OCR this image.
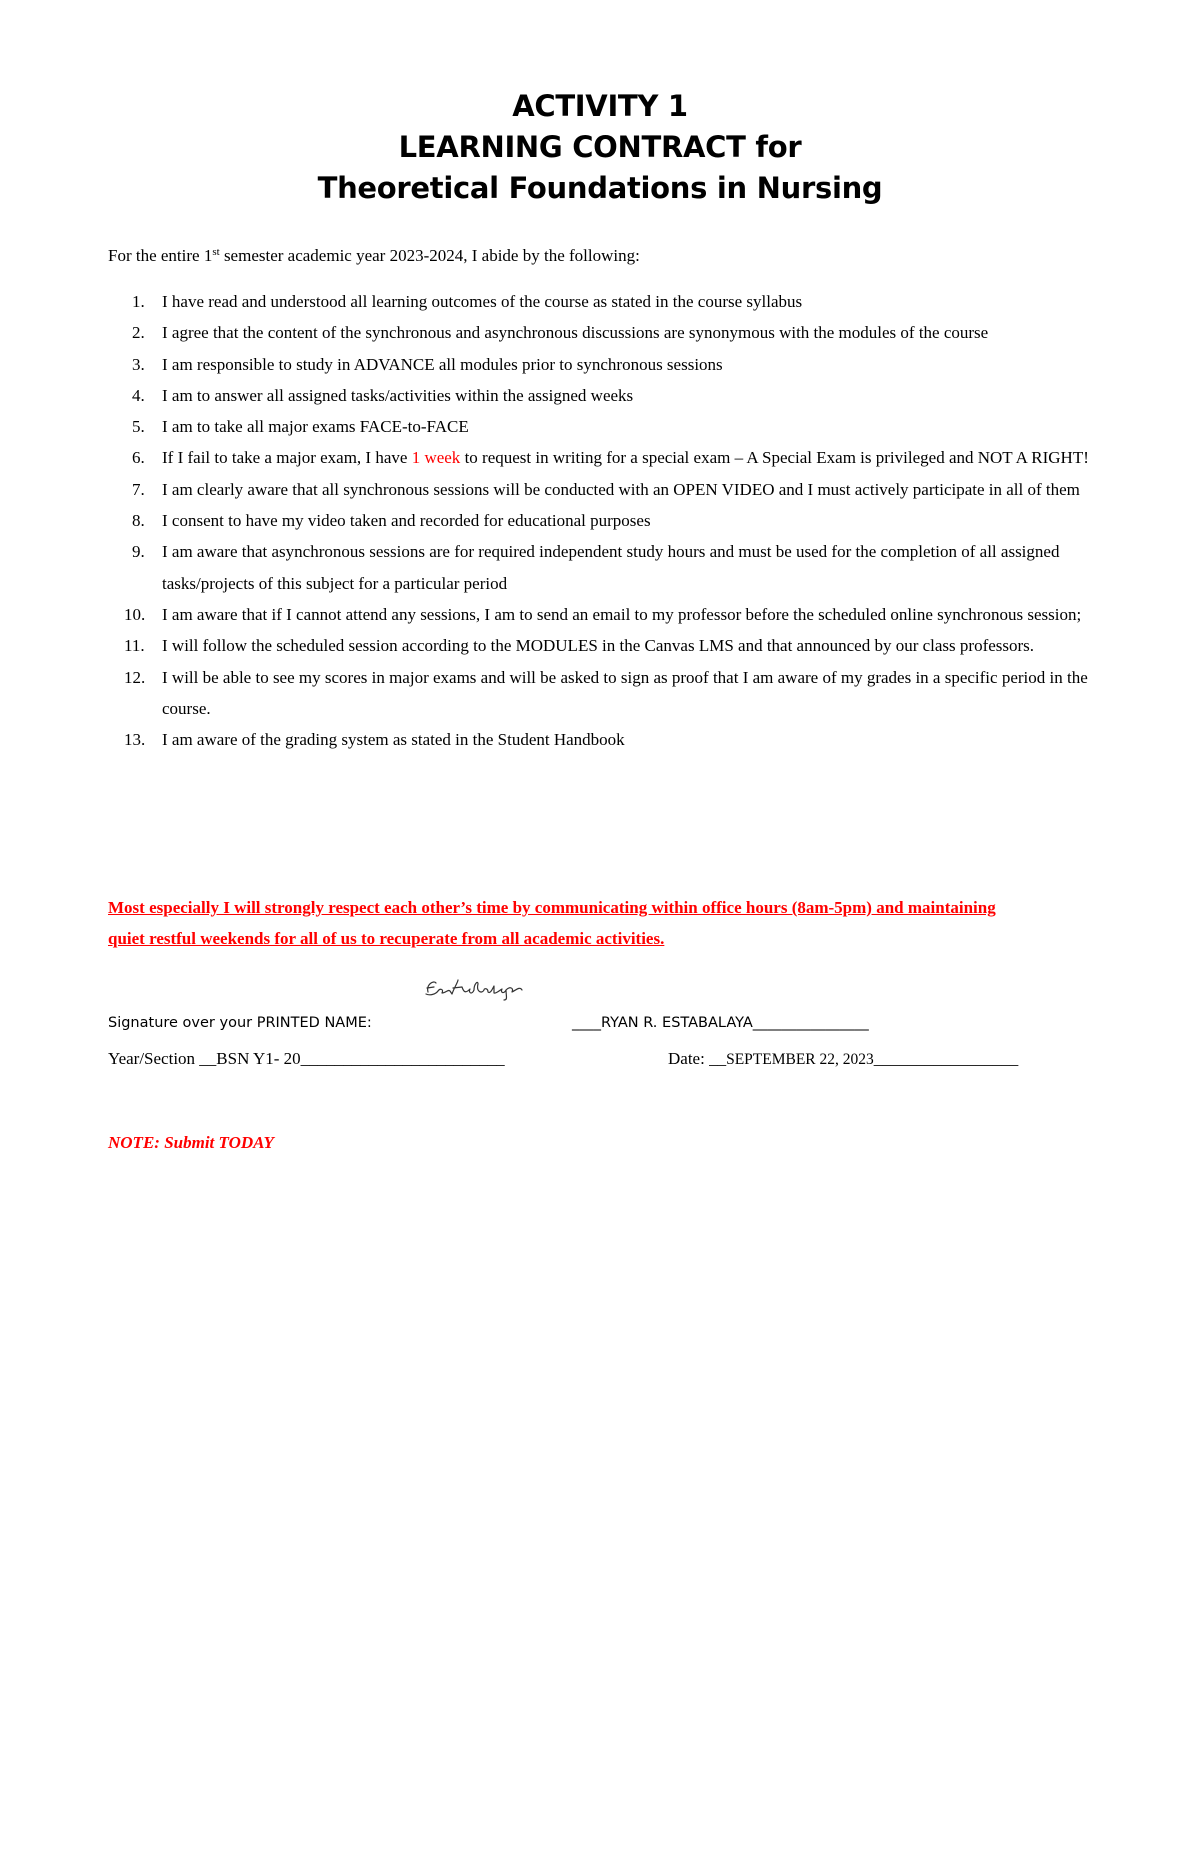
ACTIVITY 1
LEARNING CONTRACT for
Theoretical Foundations in Nursing
For the entire 1st semester academic year 2023-2024, I abide by the following:
1. I have read and understood all learning outcomes of the course as stated in the course syllabus
2. I agree that the content of the synchronous and asynchronous discussions are synonymous with the modules of the course
3. I am responsible to study in ADVANCE all modules prior to synchronous sessions
4. I am to answer all assigned tasks/activities within the assigned weeks
5. I am to take all major exams FACE-to-FACE
6. If I fail to take a major exam, I have 1 week to request in writing for a special exam – A Special Exam is privileged and NOT A RIGHT!
7. I am clearly aware that all synchronous sessions will be conducted with an OPEN VIDEO and I must actively participate in all of them
8. I consent to have my video taken and recorded for educational purposes
9. I am aware that asynchronous sessions are for required independent study hours and must be used for the completion of all assigned tasks/projects of this subject for a particular period
10. I am aware that if I cannot attend any sessions, I am to send an email to my professor before the scheduled online synchronous session;
11. I will follow the scheduled session according to the MODULES in the Canvas LMS and that announced by our class professors.
12. I will be able to see my scores in major exams and will be asked to sign as proof that I am aware of my grades in a specific period in the course.
13. I am aware of the grading system as stated in the Student Handbook
Most especially I will strongly respect each other’s time by communicating within office hours (8am-5pm) and maintaining
quiet restful weekends for all of us to recuperate from all academic activities.
Signature over your PRINTED NAME:	____RYAN R. ESTABALAYA________________
Year/Section __BSN Y1- 20________________________	Date: __SEPTEMBER 22, 2023_________________
NOTE: Submit TODAY
